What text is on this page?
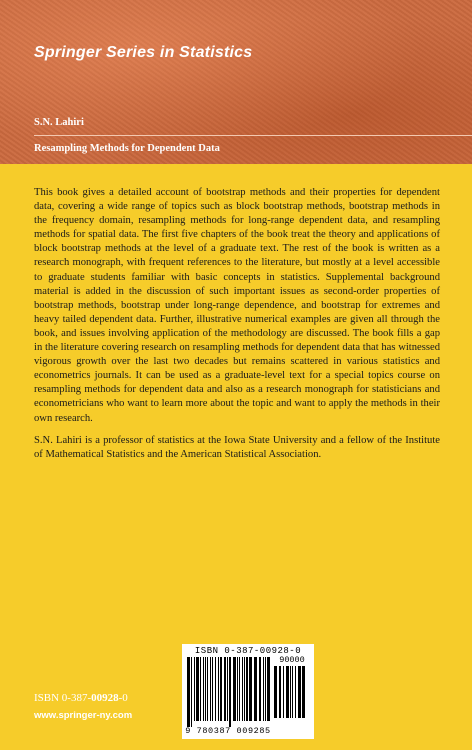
Springer Series in Statistics
S.N. Lahiri
Resampling Methods for Dependent Data

This book gives a detailed account of bootstrap methods and their properties for dependent data, covering a wide range of topics such as block bootstrap methods, bootstrap methods in the frequency domain, resampling methods for long-range dependent data, and resampling methods for spatial data. The first five chapters of the book treat the theory and applications of block bootstrap methods at the level of a graduate text. The rest of the book is written as a research monograph, with frequent references to the literature, but mostly at a level accessible to graduate students familiar with basic concepts in statistics. Supplemental background material is added in the discussion of such important issues as second-order properties of bootstrap methods, bootstrap under long-range dependence, and bootstrap for extremes and heavy tailed dependent data. Further, illustrative numerical examples are given all through the book, and issues involving application of the methodology are discussed. The book fills a gap in the literature covering research on resampling methods for dependent data that has witnessed vigorous growth over the last two decades but remains scattered in various statistics and econometrics journals. It can be used as a graduate-level text for a special topics course on resampling methods for dependent data and also as a research monograph for statisticians and econometricians who want to learn more about the topic and want to apply the methods in their own research.

S.N. Lahiri is a professor of statistics at the Iowa State University and a fellow of the Institute of Mathematical Statistics and the American Statistical Association.

ISBN 0-387-00928-0
www.springer-ny.com
ISBN 0-387-00928-0
90000
9 780387 009285
